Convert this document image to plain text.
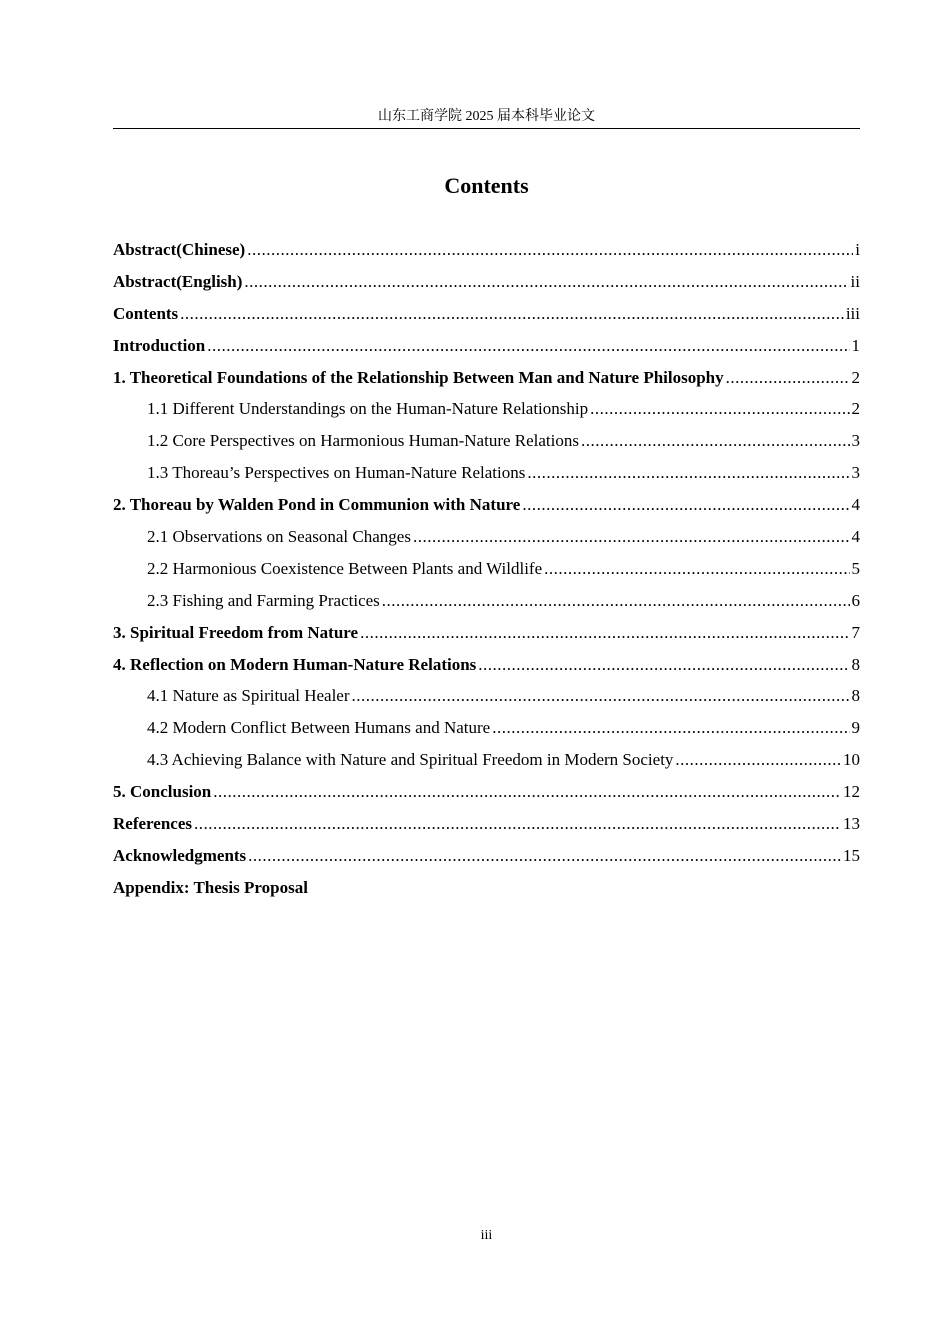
山东工商学院 2025 届本科毕业论文
Contents
Abstract(Chinese) .....	i
Abstract(English) .....	ii
Contents .....	iii
Introduction .....	1
1. Theoretical Foundations of the Relationship Between Man and Nature Philosophy .....	2
1.1 Different Understandings on the Human-Nature Relationship .....	2
1.2 Core Perspectives on Harmonious Human-Nature Relations .....	3
1.3 Thoreau’s Perspectives on Human-Nature Relations .....	3
2. Thoreau by Walden Pond in Communion with Nature .....	4
2.1 Observations on Seasonal Changes .....	4
2.2 Harmonious Coexistence Between Plants and Wildlife .....	5
2.3 Fishing and Farming Practices .....	6
3. Spiritual Freedom from Nature .....	7
4. Reflection on Modern Human-Nature Relations .....	8
4.1 Nature as Spiritual Healer .....	8
4.2 Modern Conflict Between Humans and Nature .....	9
4.3 Achieving Balance with Nature and Spiritual Freedom in Modern Society .....	10
5. Conclusion .....	12
References .....	13
Acknowledgments .....	15
Appendix: Thesis Proposal
iii
